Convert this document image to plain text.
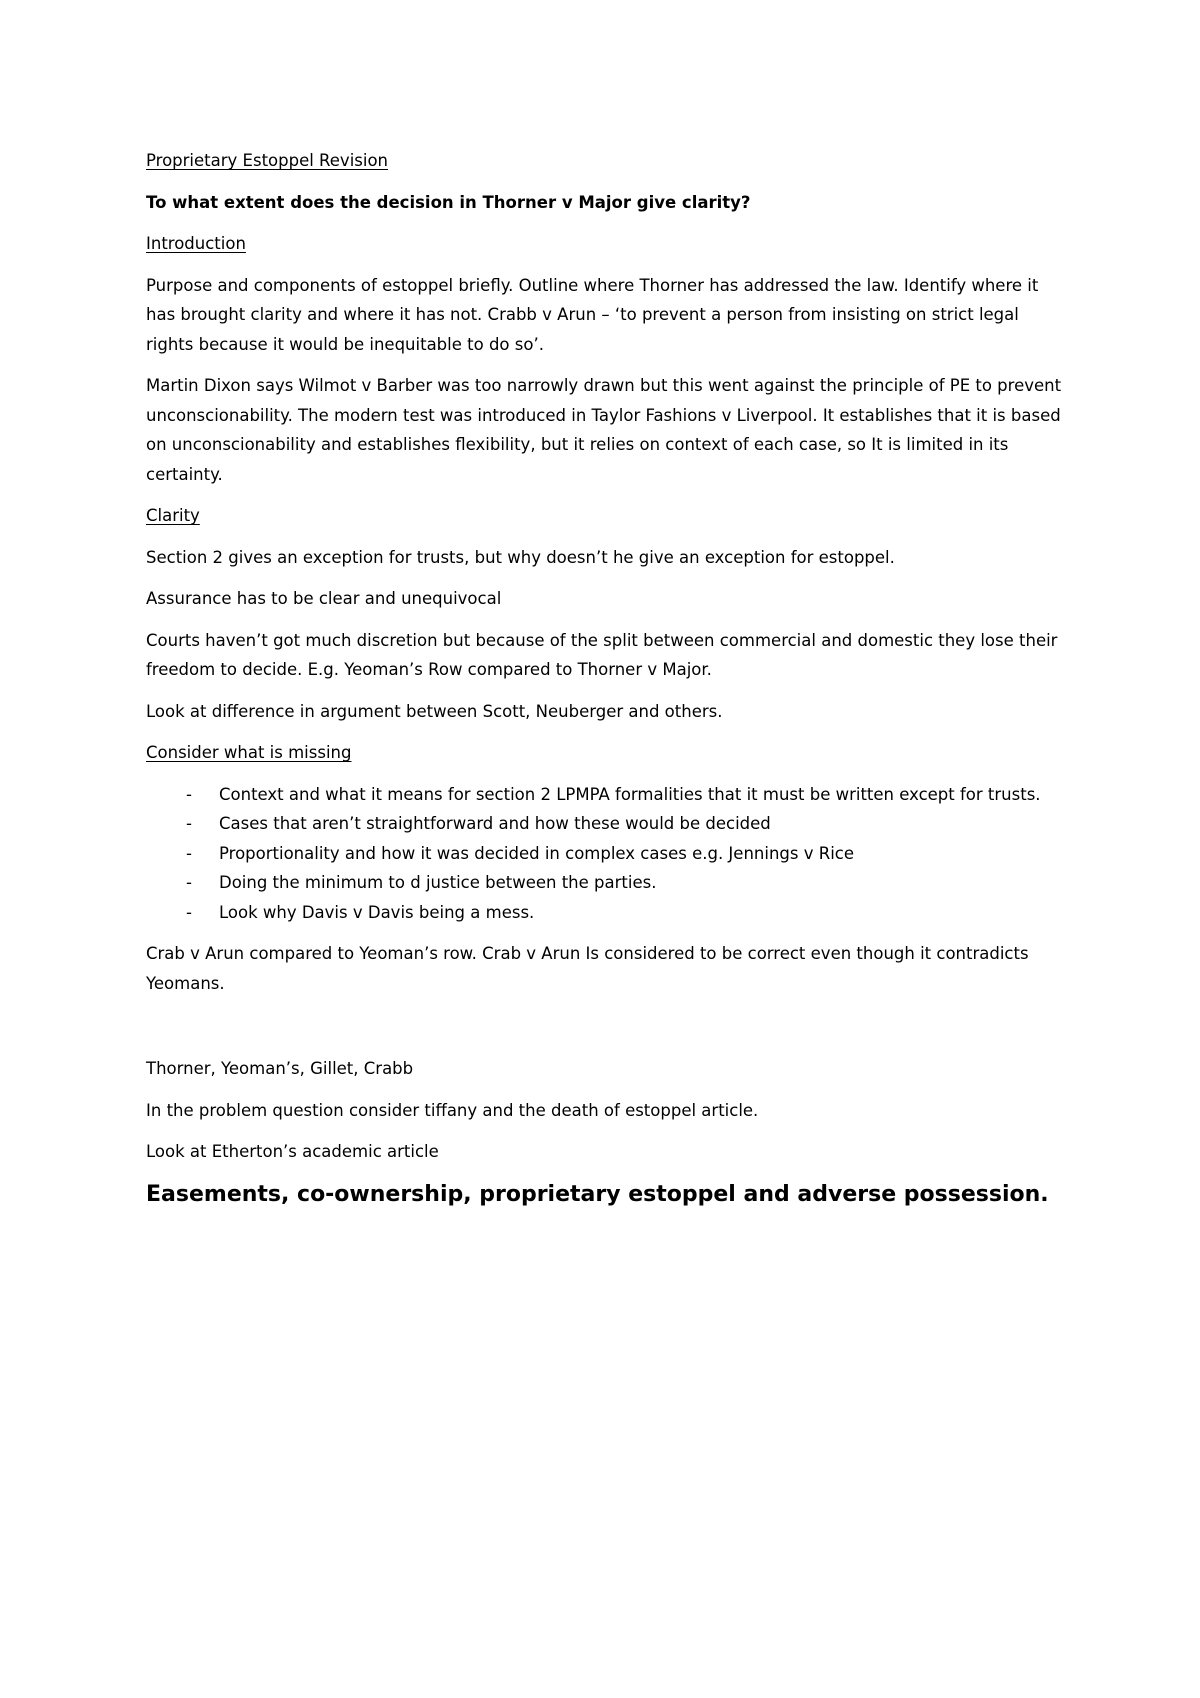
Proprietary Estoppel Revision

To what extent does the decision in Thorner v Major give clarity?

Introduction

Purpose and components of estoppel briefly. Outline where Thorner has addressed the law. Identify where it has brought clarity and where it has not. Crabb v Arun – ‘to prevent a person from insisting on strict legal rights because it would be inequitable to do so’.

Martin Dixon says Wilmot v Barber was too narrowly drawn but this went against the principle of PE to prevent unconscionability. The modern test was introduced in Taylor Fashions v Liverpool. It establishes that it is based on unconscionability and establishes flexibility, but it relies on context of each case, so It is limited in its certainty.

Clarity

Section 2 gives an exception for trusts, but why doesn’t he give an exception for estoppel.

Assurance has to be clear and unequivocal

Courts haven’t got much discretion but because of the split between commercial and domestic they lose their freedom to decide. E.g. Yeoman’s Row compared to Thorner v Major.

Look at difference in argument between Scott, Neuberger and others.

Consider what is missing

- Context and what it means for section 2 LPMPA formalities that it must be written except for trusts.
- Cases that aren’t straightforward and how these would be decided
- Proportionality and how it was decided in complex cases e.g. Jennings v Rice
- Doing the minimum to d justice between the parties.
- Look why Davis v Davis being a mess.

Crab v Arun compared to Yeoman’s row. Crab v Arun Is considered to be correct even though it contradicts Yeomans.

Thorner, Yeoman’s, Gillet, Crabb

In the problem question consider tiffany and the death of estoppel article.

Look at Etherton’s academic article

Easements, co-ownership, proprietary estoppel and adverse possession.
